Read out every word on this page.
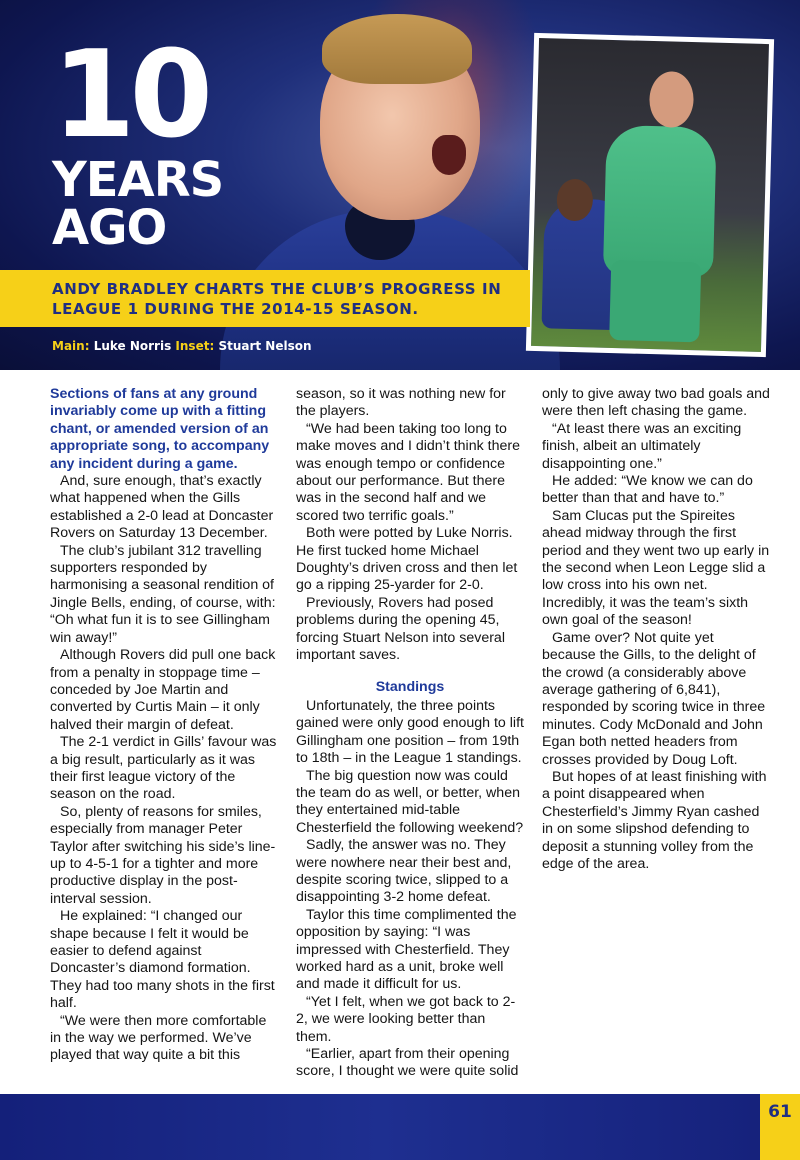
10
YEARS
AGO

ANDY BRADLEY CHARTS THE CLUB’S PROGRESS IN LEAGUE 1 DURING THE 2014-15 SEASON.

Main: Luke Norris Inset: Stuart Nelson

Sections of fans at any ground invariably come up with a fitting chant, or amended version of an appropriate song, to accompany any incident during a game.

And, sure enough, that’s exactly what happened when the Gills established a 2-0 lead at Doncaster Rovers on Saturday 13 December.

The club’s jubilant 312 travelling supporters responded by harmonising a seasonal rendition of Jingle Bells, ending, of course, with: “Oh what fun it is to see Gillingham win away!”

Although Rovers did pull one back from a penalty in stoppage time – conceded by Joe Martin and converted by Curtis Main – it only halved their margin of defeat.

The 2-1 verdict in Gills’ favour was a big result, particularly as it was their first league victory of the season on the road.

So, plenty of reasons for smiles, especially from manager Peter Taylor after switching his side’s line-up to 4-5-1 for a tighter and more productive display in the post-interval session.

He explained: “I changed our shape because I felt it would be easier to defend against Doncaster’s diamond formation. They had too many shots in the first half.

“We were then more comfortable in the way we performed. We’ve played that way quite a bit this season, so it was nothing new for the players.

“We had been taking too long to make moves and I didn’t think there was enough tempo or confidence about our performance. But there was in the second half and we scored two terrific goals.”

Both were potted by Luke Norris. He first tucked home Michael Doughty’s driven cross and then let go a ripping 25-yarder for 2-0.

Previously, Rovers had posed problems during the opening 45, forcing Stuart Nelson into several important saves.

Standings

Unfortunately, the three points gained were only good enough to lift Gillingham one position – from 19th to 18th – in the League 1 standings.

The big question now was could the team do as well, or better, when they entertained mid-table Chesterfield the following weekend?

Sadly, the answer was no. They were nowhere near their best and, despite scoring twice, slipped to a disappointing 3-2 home defeat.

Taylor this time complimented the opposition by saying: “I was impressed with Chesterfield. They worked hard as a unit, broke well and made it difficult for us.

“Yet I felt, when we got back to 2-2, we were looking better than them.

“Earlier, apart from their opening score, I thought we were quite solid only to give away two bad goals and were then left chasing the game.

“At least there was an exciting finish, albeit an ultimately disappointing one.”

He added: “We know we can do better than that and have to.”

Sam Clucas put the Spireites ahead midway through the first period and they went two up early in the second when Leon Legge slid a low cross into his own net. Incredibly, it was the team’s sixth own goal of the season!

Game over? Not quite yet because the Gills, to the delight of the crowd (a considerably above average gathering of 6,841), responded by scoring twice in three minutes. Cody McDonald and John Egan both netted headers from crosses provided by Doug Loft.

But hopes of at least finishing with a point disappeared when Chesterfield’s Jimmy Ryan cashed in on some slipshod defending to deposit a stunning volley from the edge of the area.

61
